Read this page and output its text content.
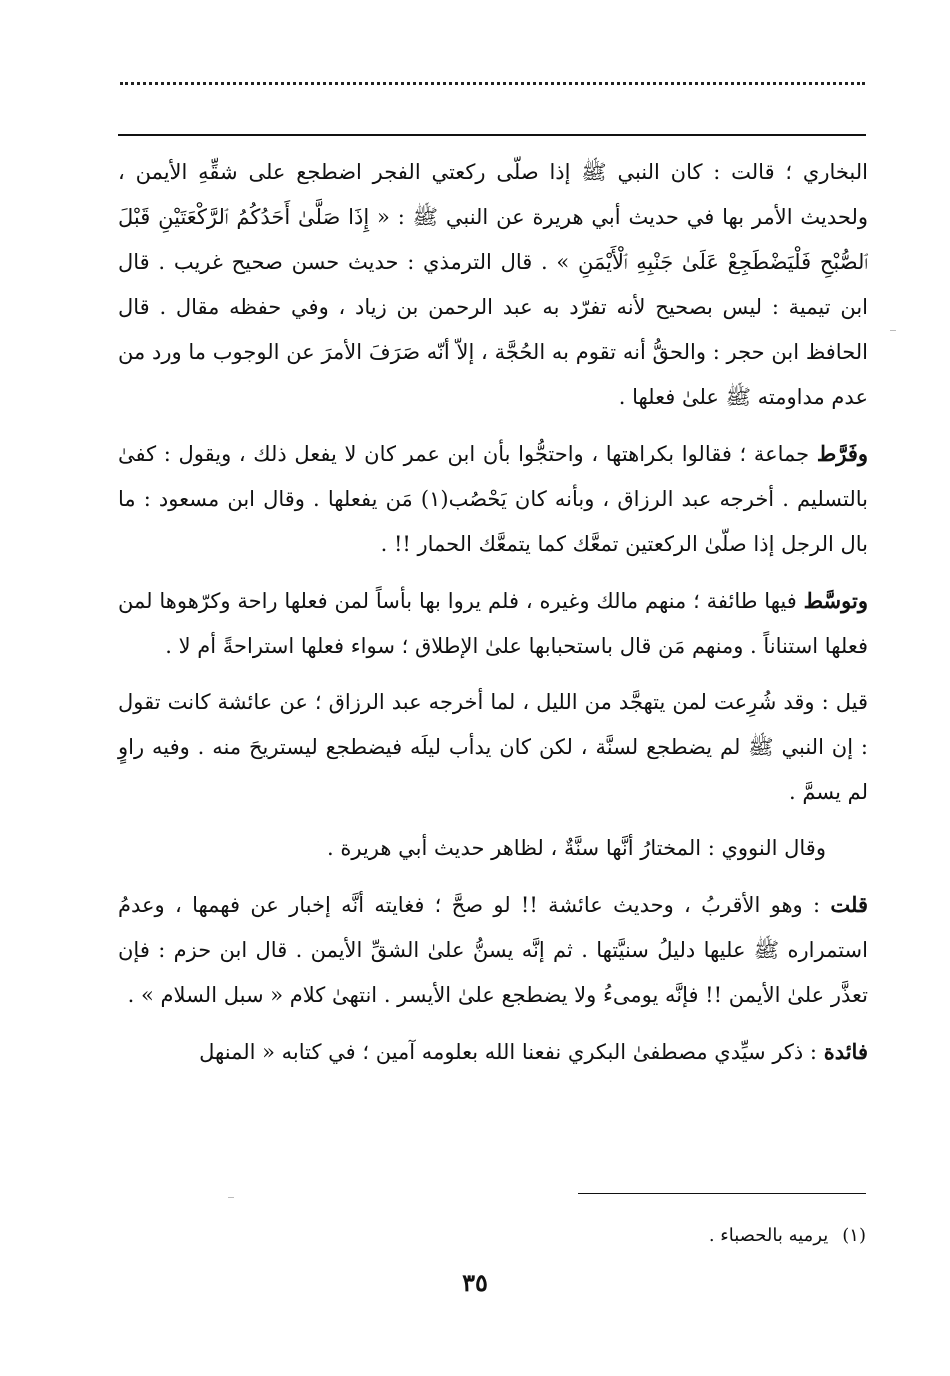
البخاري ؛ قالت : كان النبي ﷺ إذا صلّى ركعتي الفجر اضطجع على شقِّهِ الأيمن ، ولحديث الأمر بها في حديث أبي هريرة عن النبي ﷺ : « إِذَا صَلَّىٰ أَحَدُكُمُ ٱلرَّكْعَتَيْنِ قَبْلَ ٱلصُّبْحِ فَلْيَضْطَجِعْ عَلَىٰ جَنْبِهِ ٱلْأَيْمَنِ » . قال الترمذي : حديث حسن صحيح غريب . قال ابن تيمية : ليس بصحيح لأنه تفرّد به عبد الرحمن بن زياد ، وفي حفظه مقال . قال الحافظ ابن حجر : والحقُّ أنه تقوم به الحُجَّة ، إلاّ أنّه صَرَفَ الأمرَ عن الوجوب ما ورد من عدم مداومته ﷺ علىٰ فعلها .

وفَرَّط جماعة ؛ فقالوا بكراهتها ، واحتجُّوا بأن ابن عمر كان لا يفعل ذلك ، ويقول : كفىٰ بالتسليم . أخرجه عبد الرزاق ، وبأنه كان يَحْصُب(١) مَن يفعلها . وقال ابن مسعود : ما بال الرجل إذا صلّىٰ الركعتين تمعَّك كما يتمعَّك الحمار !! .

وتوسَّط فيها طائفة ؛ منهم مالك وغيره ، فلم يروا بها بأساً لمن فعلها راحة وكرّهوها لمن فعلها استناناً . ومنهم مَن قال باستحبابها علىٰ الإطلاق ؛ سواء فعلها استراحةً أم لا .

قيل : وقد شُرِعت لمن يتهجَّد من الليل ، لما أخرجه عبد الرزاق ؛ عن عائشة كانت تقول : إن النبي ﷺ لم يضطجع لسنَّة ، لكن كان يدأب ليلَه فيضطجع ليستريحَ منه . وفيه راوٍ لم يسمَّ .

وقال النووي : المختارُ أنَّها سنَّةٌ ، لظاهر حديث أبي هريرة .

قلت : وهو الأقربُ ، وحديث عائشة !! لو صحَّ ؛ فغايته أنَّه إخبار عن فهمها ، وعدمُ استمراره ﷺ عليها دليلُ سنيَّتها . ثم إنَّه يسنُّ علىٰ الشقِّ الأيمن . قال ابن حزم : فإن تعذَّر علىٰ الأيمن !! فإنَّه يومىءُ ولا يضطجع علىٰ الأيسر . انتهىٰ كلام « سبل السلام » .

فائدة : ذكر سيِّدي مصطفىٰ البكري نفعنا الله بعلومه آمين ؛ في كتابه « المنهل

(١)يرميه بالحصباء .
٣٥
